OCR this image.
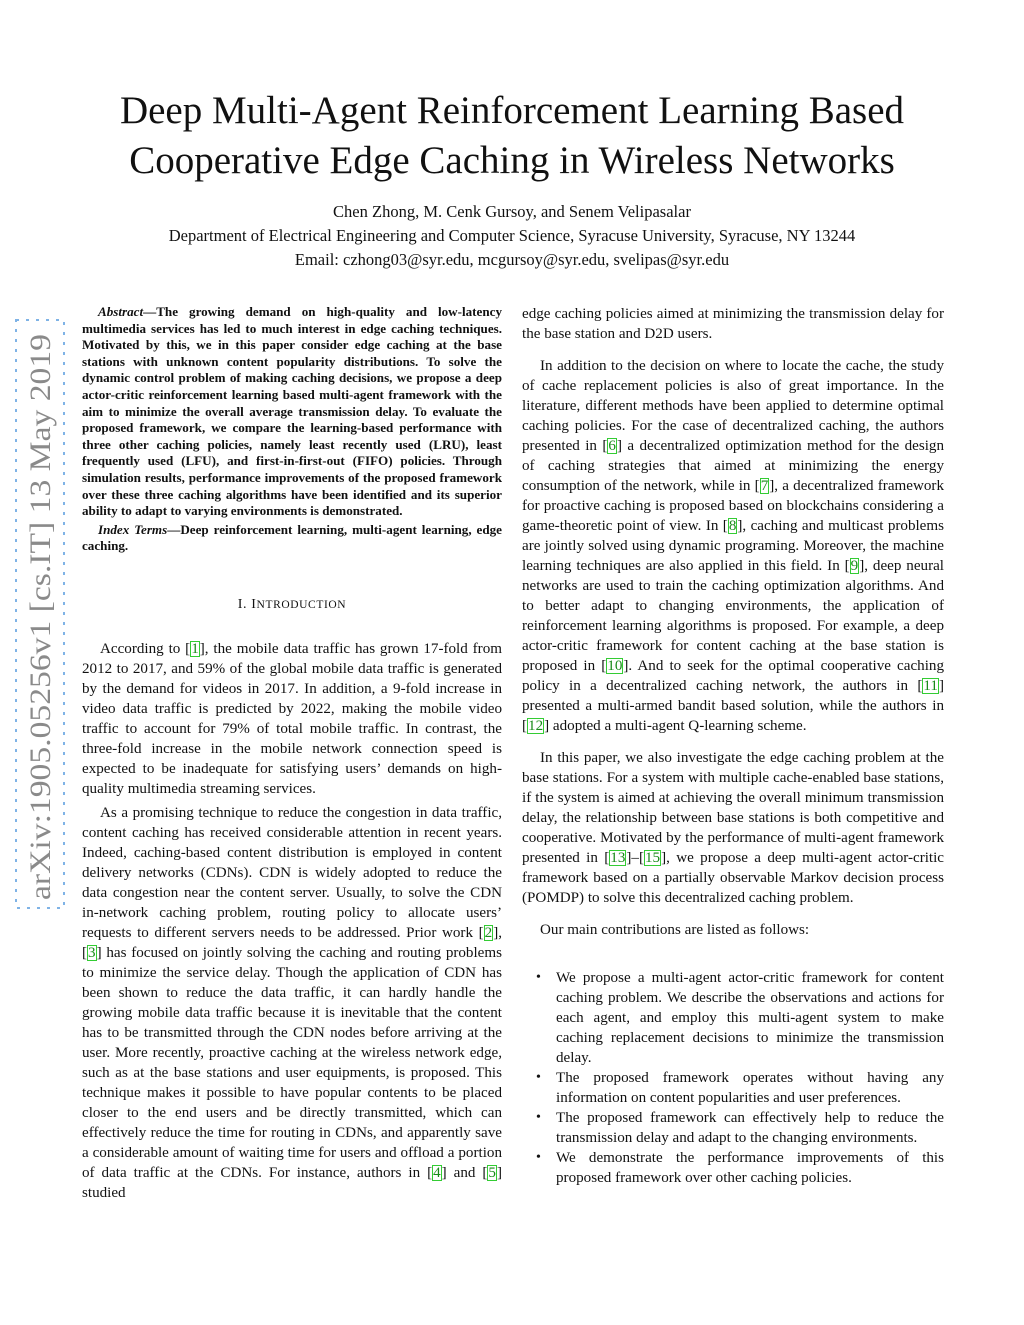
arXiv:1905.05256v1 [cs.IT] 13 May 2019
Deep Multi-Agent Reinforcement Learning Based
Cooperative Edge Caching in Wireless Networks
Chen Zhong, M. Cenk Gursoy, and Senem Velipasalar
Department of Electrical Engineering and Computer Science, Syracuse University, Syracuse, NY 13244
Email: czhong03@syr.edu, mcgursoy@syr.edu, svelipas@syr.edu

Abstract—The growing demand on high-quality and low-latency multimedia services has led to much interest in edge caching techniques. Motivated by this, we in this paper consider edge caching at the base stations with unknown content popularity distributions. To solve the dynamic control problem of making caching decisions, we propose a deep actor-critic reinforcement learning based multi-agent framework with the aim to minimize the overall average transmission delay. To evaluate the proposed framework, we compare the learning-based performance with three other caching policies, namely least recently used (LRU), least frequently used (LFU), and first-in-first-out (FIFO) policies. Through simulation results, performance improvements of the proposed framework over these three caching algorithms have been identified and its superior ability to adapt to varying environments is demonstrated.

Index Terms—Deep reinforcement learning, multi-agent learning, edge caching.

I. INTRODUCTION

According to [1], the mobile data traffic has grown 17-fold from 2012 to 2017, and 59% of the global mobile data traffic is generated by the demand for videos in 2017. In addition, a 9-fold increase in video data traffic is predicted by 2022, making the mobile video traffic to account for 79% of total mobile traffic. In contrast, the three-fold increase in the mobile network connection speed is expected to be inadequate for satisfying users’ demands on high-quality multimedia streaming services.

As a promising technique to reduce the congestion in data traffic, content caching has received considerable attention in recent years. Indeed, caching-based content distribution is employed in content delivery networks (CDNs). CDN is widely adopted to reduce the data congestion near the content server. Usually, to solve the CDN in-network caching problem, routing policy to allocate users’ requests to different servers needs to be addressed. Prior work [2], [3] has focused on jointly solving the caching and routing problems to minimize the service delay. Though the application of CDN has been shown to reduce the data traffic, it can hardly handle the growing mobile data traffic because it is inevitable that the content has to be transmitted through the CDN nodes before arriving at the user. More recently, proactive caching at the wireless network edge, such as at the base stations and user equipments, is proposed. This technique makes it possible to have popular contents to be placed closer to the end users and be directly transmitted, which can effectively reduce the time for routing in CDNs, and apparently save a considerable amount of waiting time for users and offload a portion of data traffic at the CDNs. For instance, authors in [4] and [5] studied

edge caching policies aimed at minimizing the transmission delay for the base station and D2D users.

In addition to the decision on where to locate the cache, the study of cache replacement policies is also of great importance. In the literature, different methods have been applied to determine optimal caching policies. For the case of decentralized caching, the authors presented in [6] a decentralized optimization method for the design of caching strategies that aimed at minimizing the energy consumption of the network, while in [7], a decentralized framework for proactive caching is proposed based on blockchains considering a game-theoretic point of view. In [8], caching and multicast problems are jointly solved using dynamic programing. Moreover, the machine learning techniques are also applied in this field. In [9], deep neural networks are used to train the caching optimization algorithms. And to better adapt to changing environments, the application of reinforcement learning algorithms is proposed. For example, a deep actor-critic framework for content caching at the base station is proposed in [10]. And to seek for the optimal cooperative caching policy in a decentralized caching network, the authors in [11] presented a multi-armed bandit based solution, while the authors in [12] adopted a multi-agent Q-learning scheme.

In this paper, we also investigate the edge caching problem at the base stations. For a system with multiple cache-enabled base stations, if the system is aimed at achieving the overall minimum transmission delay, the relationship between base stations is both competitive and cooperative. Motivated by the performance of multi-agent framework presented in [13]–[15], we propose a deep multi-agent actor-critic framework based on a partially observable Markov decision process (POMDP) to solve this decentralized caching problem.

Our main contributions are listed as follows:

• We propose a multi-agent actor-critic framework for content caching problem. We describe the observations and actions for each agent, and employ this multi-agent system to make caching replacement decisions to minimize the transmission delay.
• The proposed framework operates without having any information on content popularities and user preferences.
• The proposed framework can effectively help to reduce the transmission delay and adapt to the changing environments.
• We demonstrate the performance improvements of this proposed framework over other caching policies.
